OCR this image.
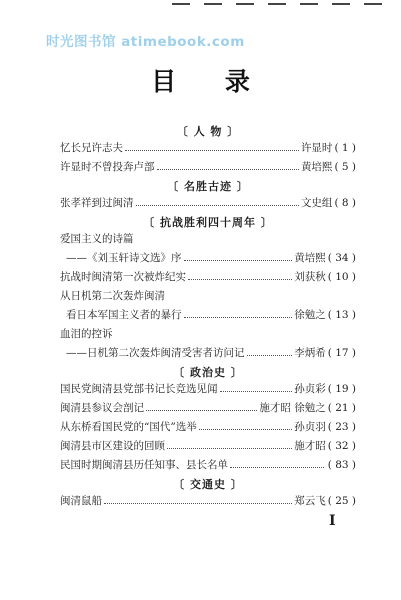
时光图书馆 atimebook.com
目 录
〔 人 物 〕
忆长兄许志夫	许显时 ( 1 )
许显时不曾投奔卢部	黄培熙 ( 5 )
〔 名胜古迹 〕
张孝祥到过闽清	文史组 ( 8 )
〔 抗战胜利四十周年 〕
爱国主义的诗篇
——《刘玉轩诗文选》序	黄培熙 ( 34 )
抗战时闽清第一次被炸纪实	刘获秋 ( 10 )
从日机第二次轰炸闽清
看日本军国主义者的暴行	徐勉之 ( 13 )
血泪的控诉
——日机第二次轰炸闽清受害者访问记	李炳希 ( 17 )
〔 政治史 〕
国民党闽清县党部书记长竞选见闻	孙贞彩 ( 19 )
闽清县参议会剖记	施才昭 徐勉之 ( 21 )
从东桥看国民党的“国代”选举	孙贞羽 ( 23 )
闽清县市区建设的回顾	施才昭 ( 32 )
民国时期闽清县历任知事、县长名单	( 83 )
〔 交通史 〕
闽清鼠船	郑云飞 ( 25 )
I
